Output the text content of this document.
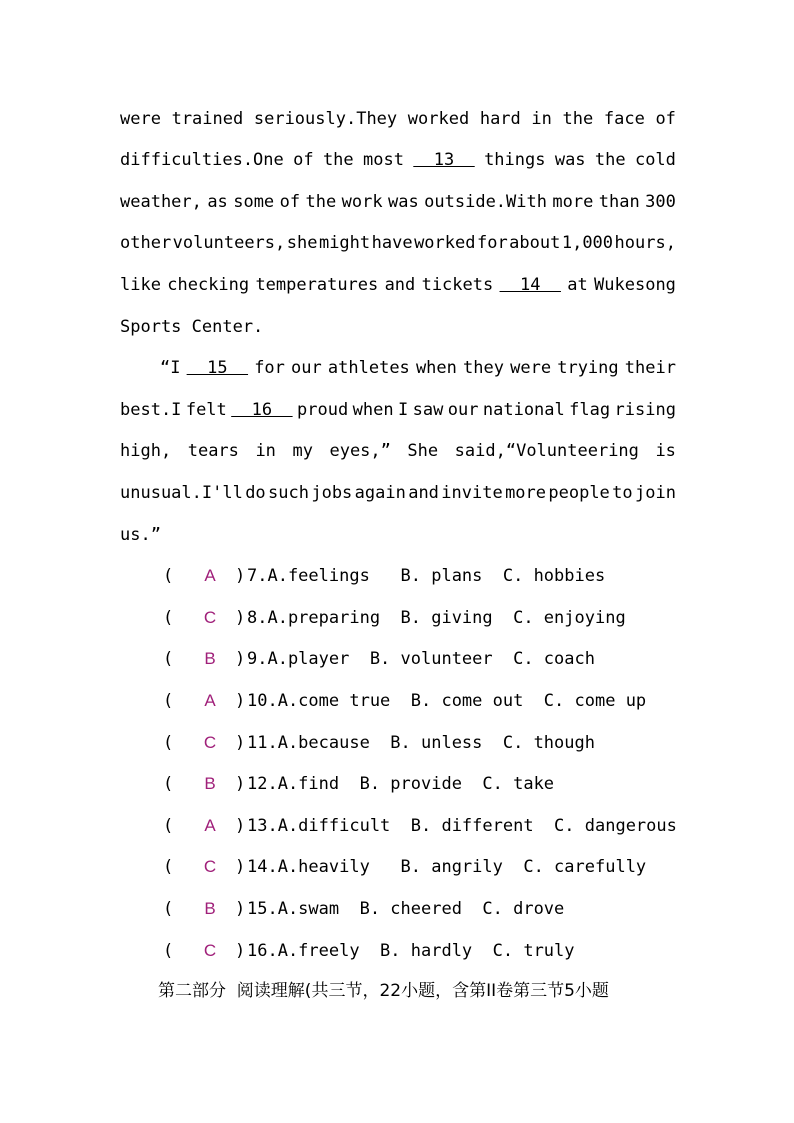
were trained seriously.They worked hard in the face of
difficulties.One of the most 13 things was the cold
weather, as some of the work was outside.With more than 300
other volunteers, she might have worked for about 1,000 hours,
like checking temperatures and tickets 14 at Wukesong
Sports Center.
“I 15 for our athletes when they were trying their
best.I felt 16 proud when I saw our national flag rising
high, tears in my eyes,” She said,“Volunteering is
unusual.I'll do such jobs again and invite more people to join
us.”
(	A	) 7.A.feelings   B. plans  C. hobbies
(	C	) 8.A.preparing  B. giving  C. enjoying
(	B	) 9.A.player  B. volunteer  C. coach
(	A	) 10.A.come true  B. come out  C. come up
(	C	) 11.A.because  B. unless  C. though
(	B	) 12.A.find  B. provide  C. take
(	A	) 13.A.difficult  B. different  C. dangerous
(	C	) 14.A.heavily   B. angrily  C. carefully
(	B	) 15.A.swam  B. cheered  C. drove
(	C	) 16.A.freely  B. hardly  C. truly
第二部分  阅读理解(共三节，22小题，含第II卷第三节5小题
